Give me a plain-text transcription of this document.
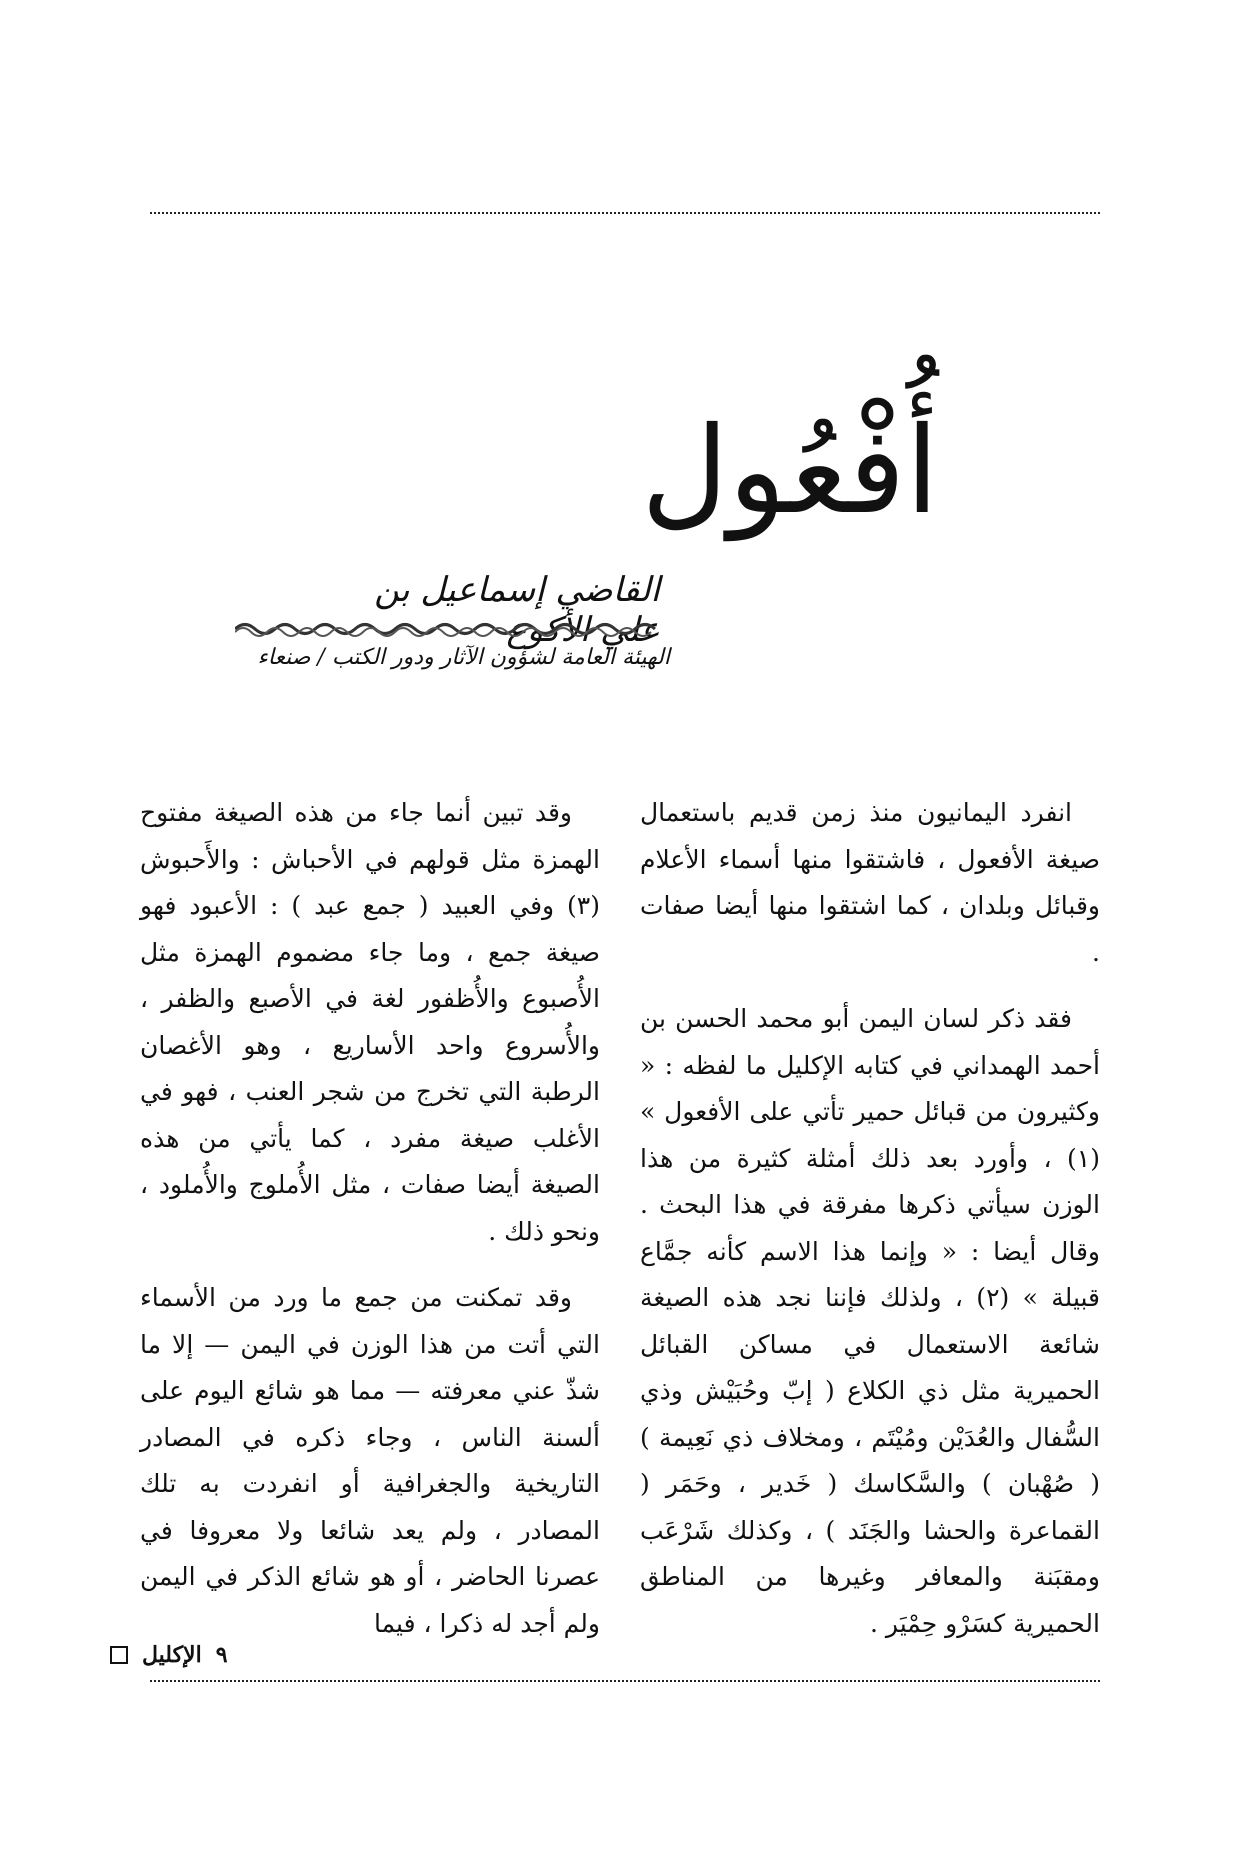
أُفْعُول
القاضي إسماعيل بن علي الأكوع
الهيئة العامة لشؤون الآثار ودور الكتب / صنعاء

انفرد اليمانيون منذ زمن قديم باستعمال صيغة الأفعول ، فاشتقوا منها أسماء الأعلام وقبائل وبلدان ، كما اشتقوا منها أيضا صفات .

فقد ذكر لسان اليمن أبو محمد الحسن بن أحمد الهمداني في كتابه الإكليل ما لفظه : « وكثيرون من قبائل حمير تأتي على الأفعول » (١) ، وأورد بعد ذلك أمثلة كثيرة من هذا الوزن سيأتي ذكرها مفرقة في هذا البحث . وقال أيضا : « وإنما هذا الاسم كأنه جمَّاع قبيلة » (٢) ، ولذلك فإننا نجد هذه الصيغة شائعة الاستعمال في مساكن القبائل الحميرية مثل ذي الكلاع ( إبّ وحُبَيْش وذي السُّفال والعُدَيْن ومُيْتَم ، ومخلاف ذي نَعِيمة ) ( صُهْبان ) والسَّكاسك ( خَدير ، وحَمَر ( القماعرة والحشا والجَنَد ) ، وكذلك شَرْعَب ومقبَنة والمعافر وغيرها من المناطق الحميرية كسَرْو حِمْيَر .

وقد تبين أنما جاء من هذه الصيغة مفتوح الهمزة مثل قولهم في الأحباش : والأَحبوش (٣) وفي العبيد ( جمع عبد ) : الأعبود فهو صيغة جمع ، وما جاء مضموم الهمزة مثل الأُصبوع والأُظفور لغة في الأصبع والظفر ، والأُسروع واحد الأساريع ، وهو الأغصان الرطبة التي تخرج من شجر العنب ، فهو في الأغلب صيغة مفرد ، كما يأتي من هذه الصيغة أيضا صفات ، مثل الأُملوج والأُملود ، ونحو ذلك .

وقد تمكنت من جمع ما ورد من الأسماء التي أتت من هذا الوزن في اليمن — إلا ما شذّ عني معرفته — مما هو شائع اليوم على ألسنة الناس ، وجاء ذكره في المصادر التاريخية والجغرافية أو انفردت به تلك المصادر ، ولم يعد شائعا ولا معروفا في عصرنا الحاضر ، أو هو شائع الذكر في اليمن ولم أجد له ذكرا ، فيما

الإكليل ٩
